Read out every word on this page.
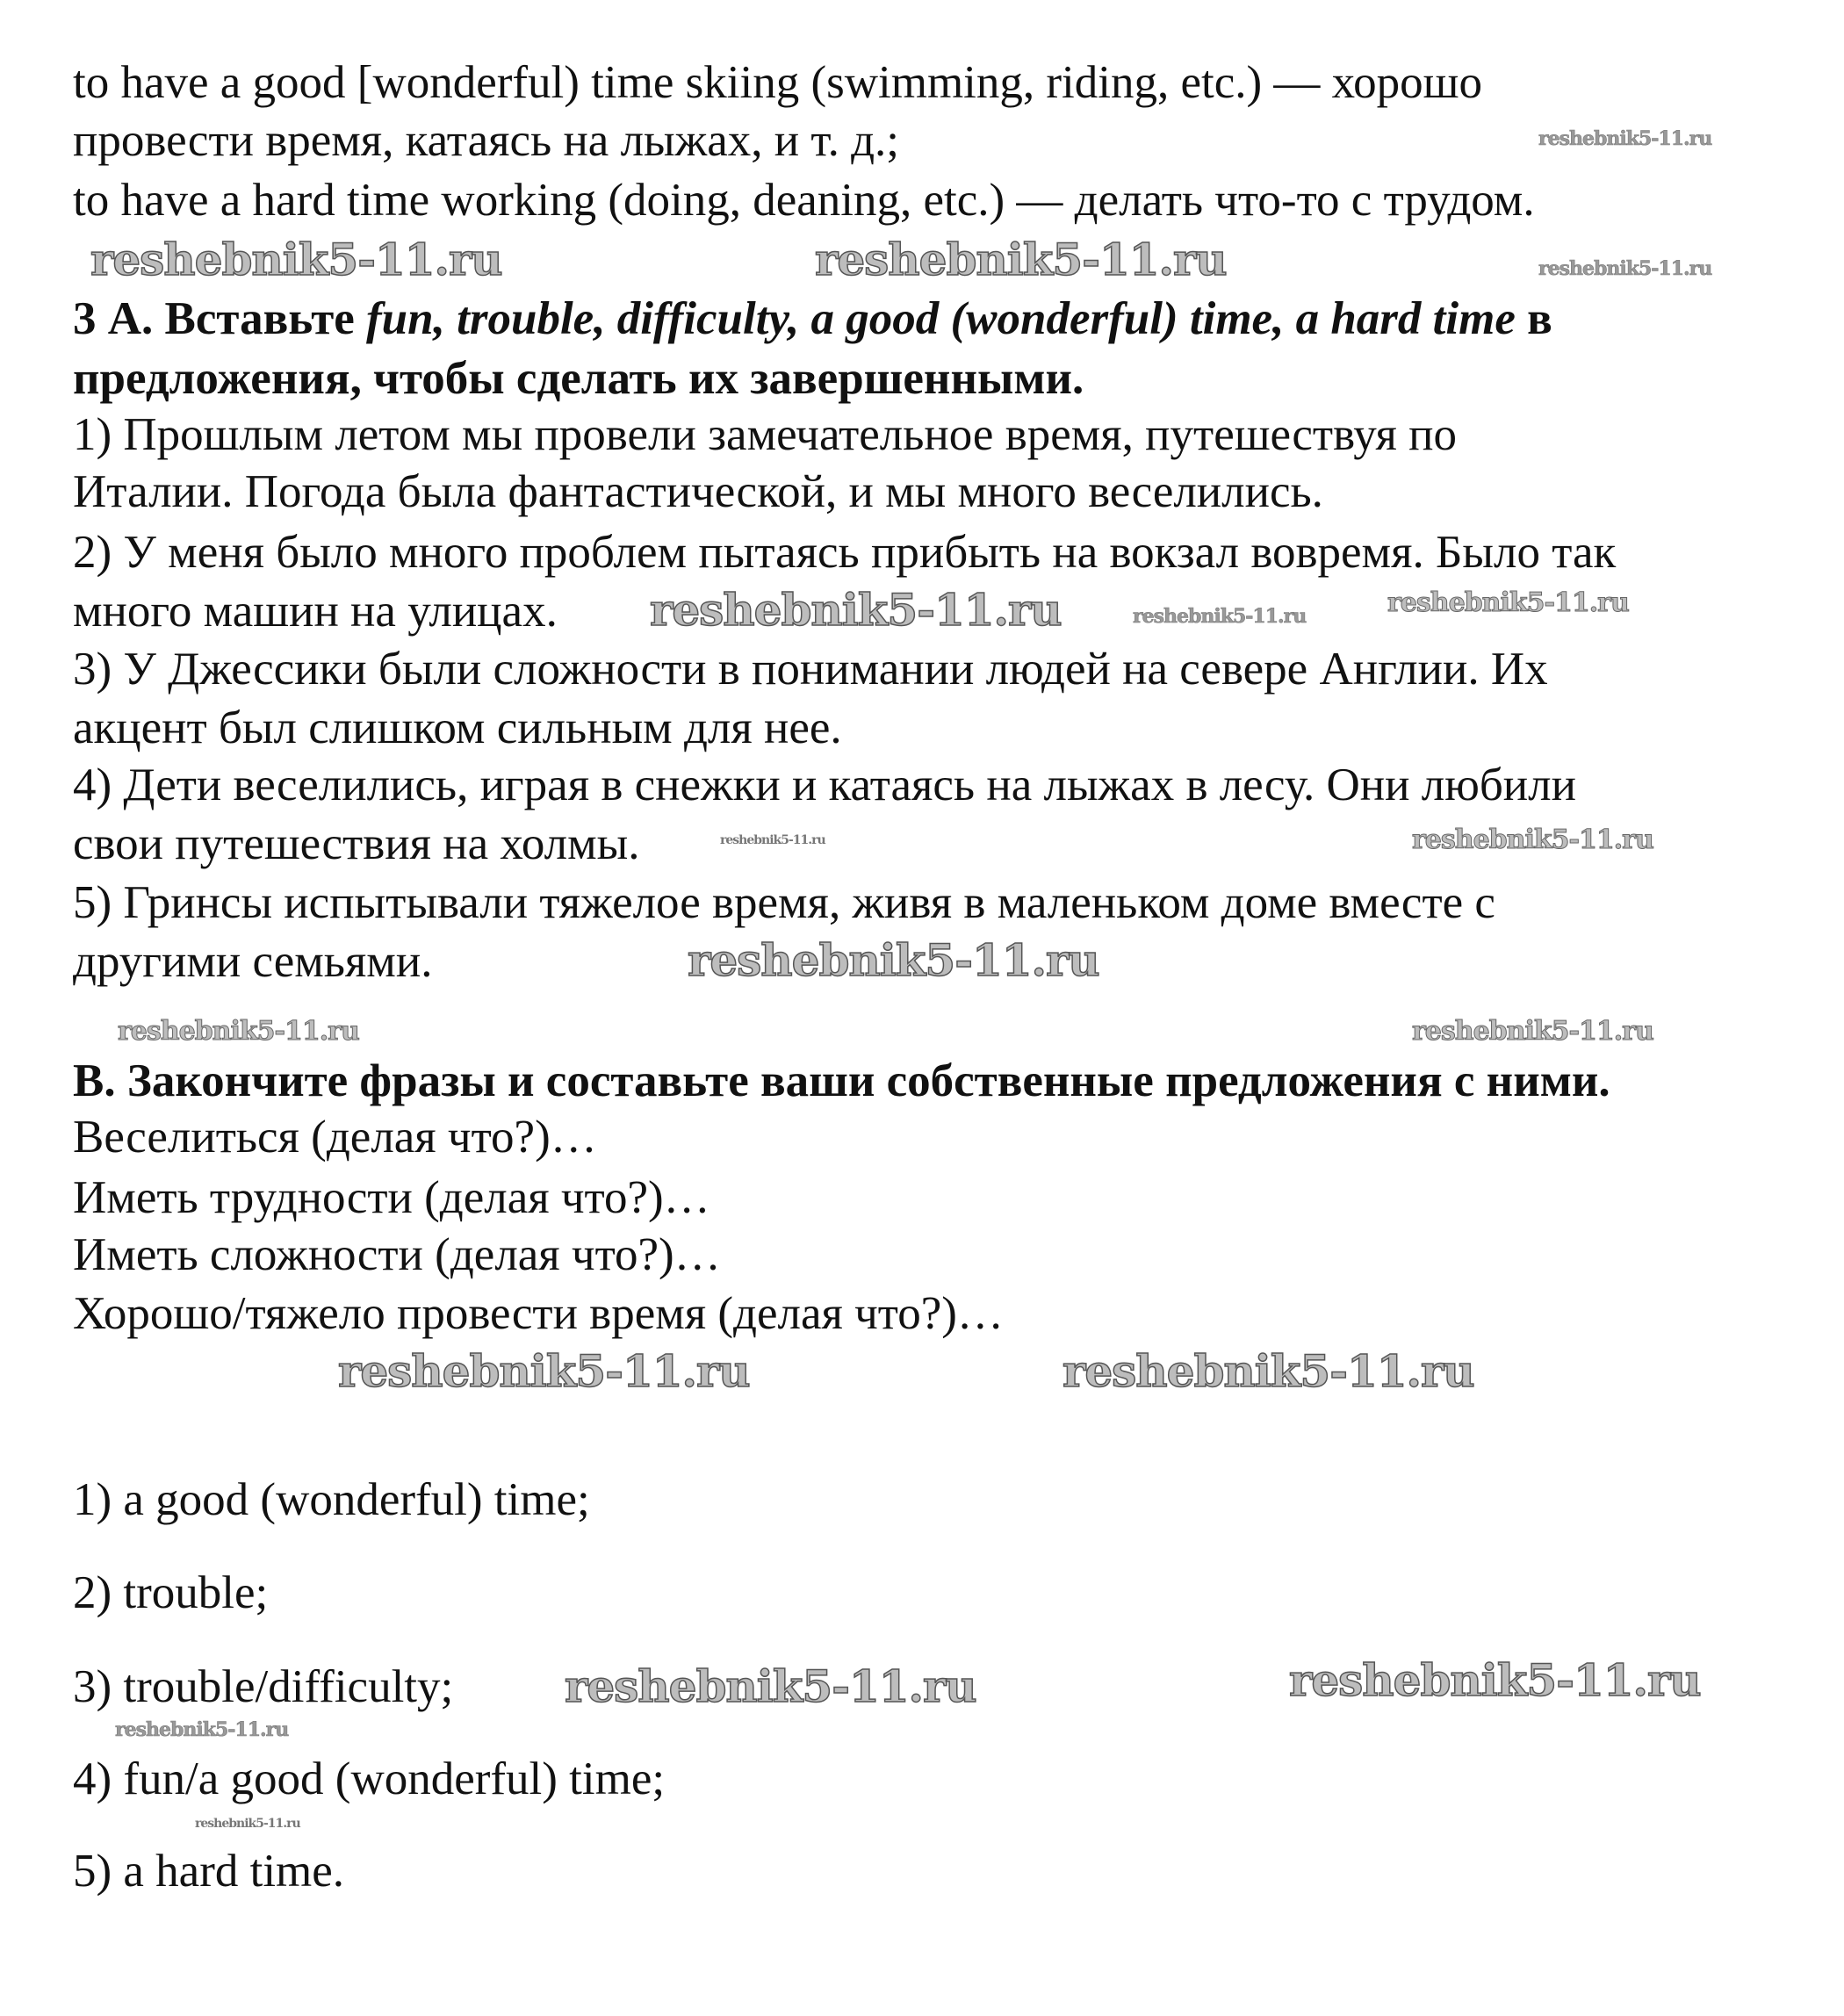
to have a good [wonderful) time skiing (swimming, riding, etc.) — хорошо
провести время, катаясь на лыжах, и т. д.;
to have a hard time working (doing, deaning, etc.) — делать что-то с трудом.
3 А. Вставьте fun, trouble, difficulty, a good (wonderful) time, a hard time в
предложения, чтобы сделать их завершенными.
1) Прошлым летом мы провели замечательное время, путешествуя по
Италии. Погода была фантастической, и мы много веселились.
2) У меня было много проблем пытаясь прибыть на вокзал вовремя. Было так
много машин на улицах.
3) У Джессики были сложности в понимании людей на севере Англии. Их
акцент был слишком сильным для нее.
4) Дети веселились, играя в снежки и катаясь на лыжах в лесу. Они любили
свои путешествия на холмы.
5) Гринсы испытывали тяжелое время, живя в маленьком доме вместе с
другими семьями.
B. Закончите фразы и составьте ваши собственные предложения с ними.
Веселиться (делая что?)…
Иметь трудности (делая что?)…
Иметь сложности (делая что?)…
Хорошо/тяжело провести время (делая что?)…
1) a good (wonderful) time;
2) trouble;
3) trouble/difficulty;
4) fun/a good (wonderful) time;
5) a hard time.
reshebnik5-11.ru
reshebnik5-11.ru	reshebnik5-11.ru	reshebnik5-11.ru
reshebnik5-11.ru	reshebnik5-11.ru	reshebnik5-11.ru
reshebnik5-11.ru	reshebnik5-11.ru
reshebnik5-11.ru
reshebnik5-11.ru	reshebnik5-11.ru
reshebnik5-11.ru	reshebnik5-11.ru
reshebnik5-11.ru	reshebnik5-11.ru
reshebnik5-11.ru
reshebnik5-11.ru
